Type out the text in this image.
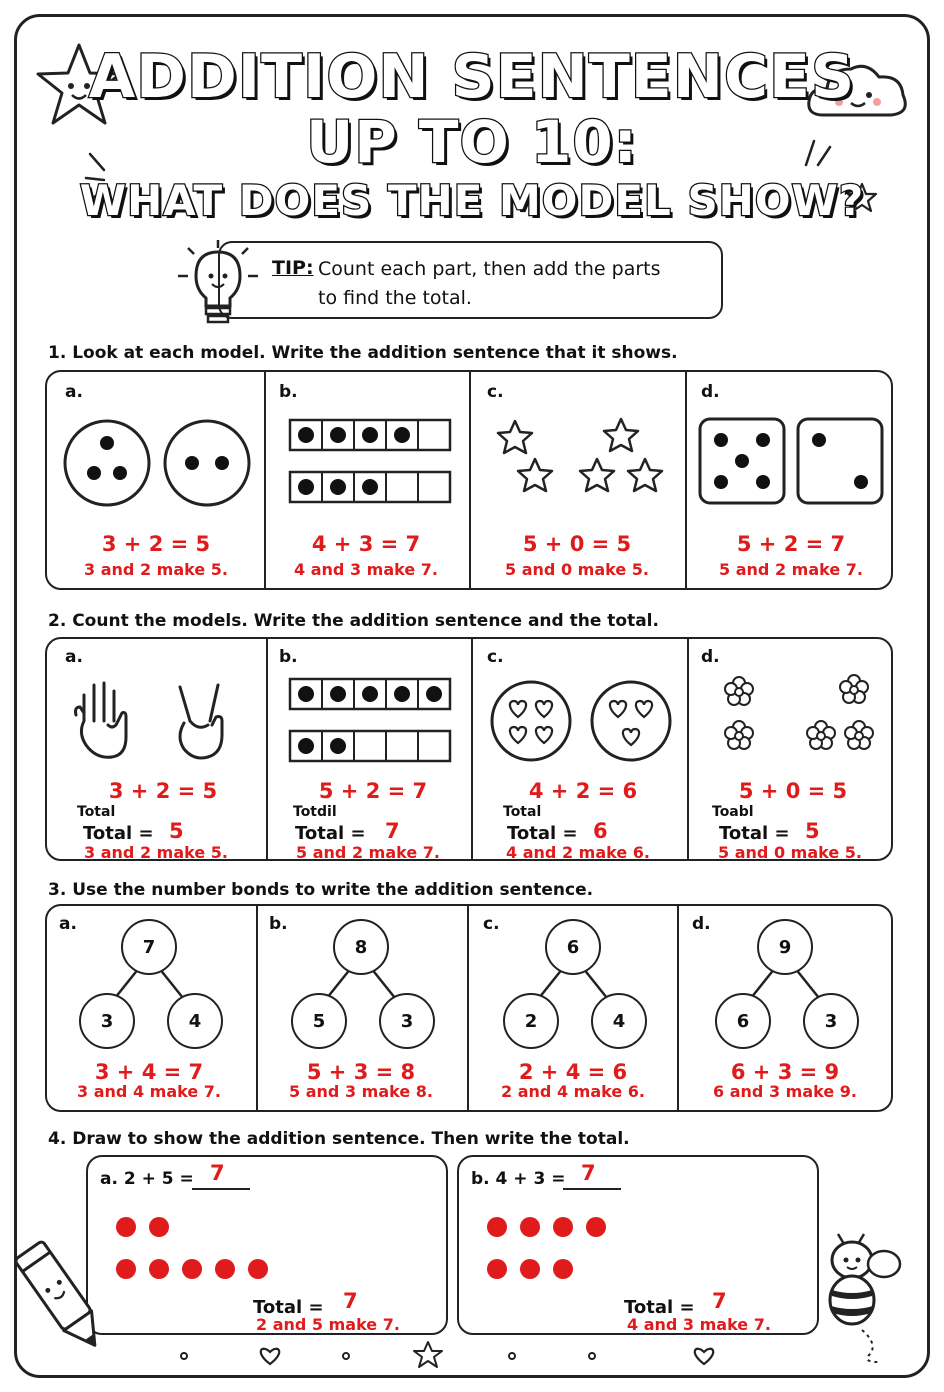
ADDITION SENTENCES
UP TO 10:
WHAT DOES THE MODEL SHOW?
TIP: Count each part, then add the parts
to find the total.
1. Look at each model. Write the addition sentence that it shows.
a.	b.	c.	d.
3 + 2 = 5
3 and 2 make 5.
4 + 3 = 7
4 and 3 make 7.
5 + 0 = 5
5 and 0 make 5.
5 + 2 = 7
5 and 2 make 7.
2. Count the models. Write the addition sentence and the total.
a.	b.	c.	d.
3 + 2 = 5	5 + 2 = 7	4 + 2 = 6	5 + 0 = 5
Total	Totdil	Total	Toabl
Total = 5	Total = 7	Total = 6	Total = 5
3 and 2 make 5.	5 and 2 make 7.	4 and 2 make 6.	5 and 0 make 5.
3. Use the number bonds to write the addition sentence.
a.	b.	c.	d.
7
3	4
8
5	3
6
2	4
9
6	3
3 + 4 = 7
3 and 4 make 7.
5 + 3 = 8
5 and 3 make 8.
2 + 4 = 6
2 and 4 make 6.
6 + 3 = 9
6 and 3 make 9.
4. Draw to show the addition sentence. Then write the total.
a. 2 + 5 = 7
Total = 7
2 and 5 make 7.
b. 4 + 3 = 7
Total = 7
4 and 3 make 7.
